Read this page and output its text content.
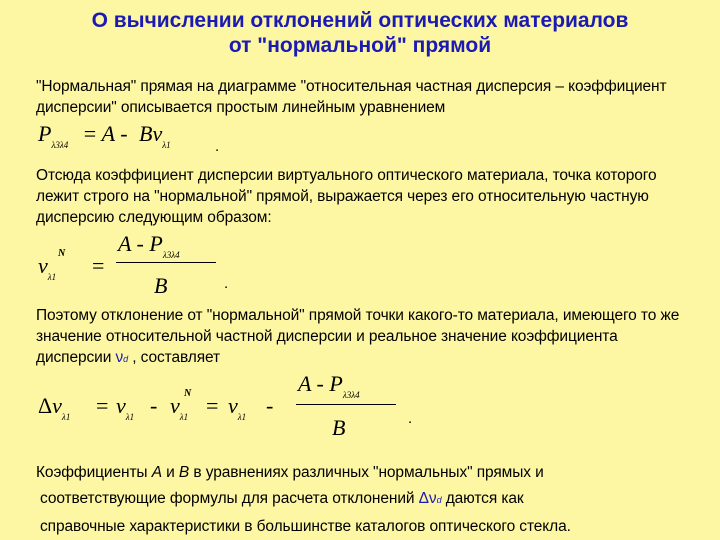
О вычислении отклонений оптических материалов
от "нормальной" прямой
"Нормальная" прямая на диаграмме "относительная частная дисперсия – коэффициент дисперсии" описывается простым линейным уравнением
$P_{\lambda 3\lambda 4} = A - Bv_{\lambda 1}$	.
Отсюда коэффициент дисперсии виртуального оптического материала, точка которого лежит строго на "нормальной" прямой, выражается через его относительную частную дисперсию следующим образом:
$v_{\lambda 1}$
N =
A - $P_{\lambda 3\lambda 4}$
B	.
Поэтому отклонение от "нормальной" прямой точки какого-то материала, имеющего то же значение относительной частной дисперсии и реальное значение коэффициента дисперсии νd , составляет
$\Delta v_{\lambda 1} = v_{\lambda 1} - v_{\lambda 1}$
$N = v_{\lambda 1}$ -
A - $P_{\lambda 3\lambda 4}$
B	.
Коэффициенты A и B в уравнениях различных "нормальных" прямых и
соответствующие формулы для расчета отклонений Δνd даются как
справочные характеристики в большинстве каталогов оптического стекла.
